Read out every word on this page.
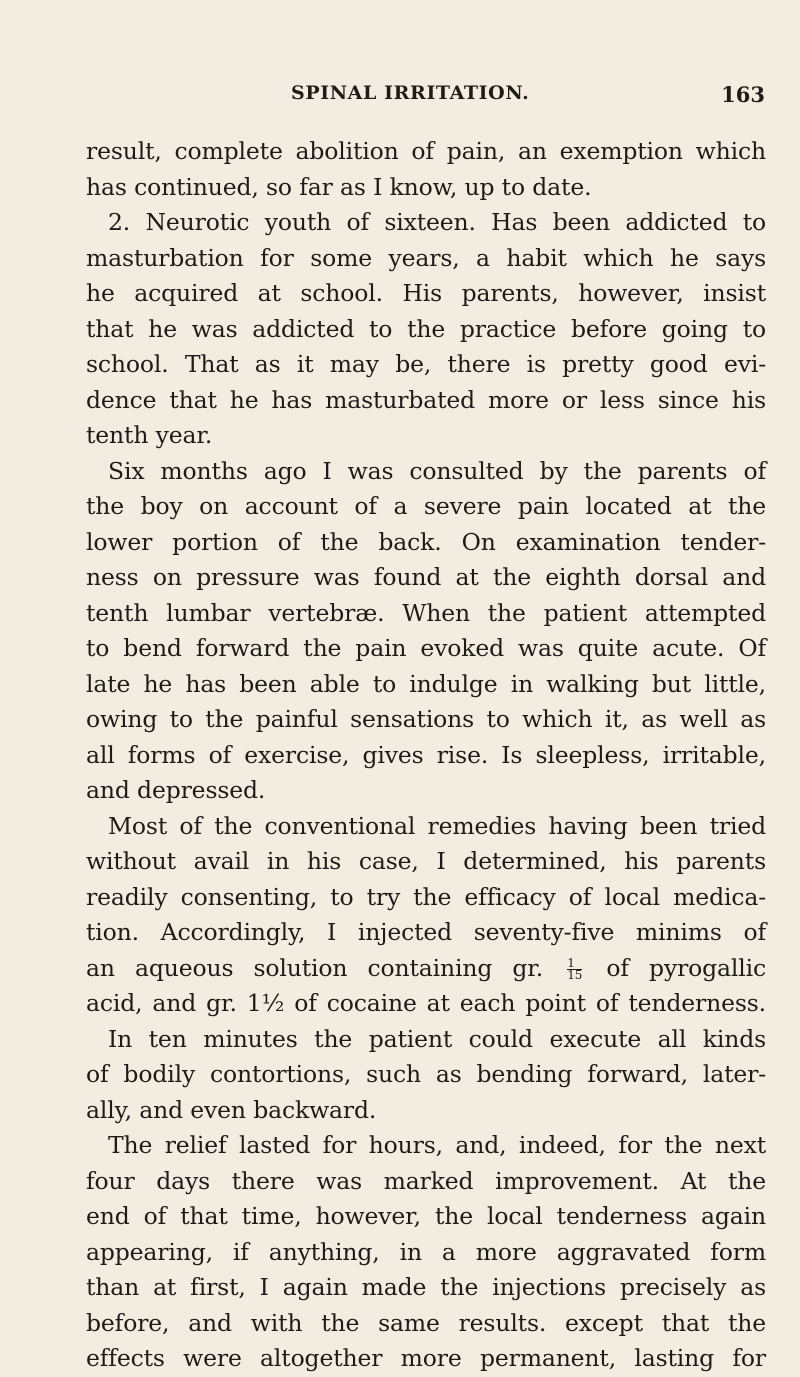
SPINAL IRRITATION.	163
result, complete abolition of pain, an exemption which
has continued, so far as I know, up to date.
2. Neurotic youth of sixteen. Has been addicted to
masturbation for some years, a habit which he says
he acquired at school. His parents, however, insist
that he was addicted to the practice before going to
school. That as it may be, there is pretty good evi-
dence that he has masturbated more or less since his
tenth year.
Six months ago I was consulted by the parents of
the boy on account of a severe pain located at the
lower portion of the back. On examination tender-
ness on pressure was found at the eighth dorsal and
tenth lumbar vertebræ. When the patient attempted
to bend forward the pain evoked was quite acute. Of
late he has been able to indulge in walking but little,
owing to the painful sensations to which it, as well as
all forms of exercise, gives rise. Is sleepless, irritable,
and depressed.
Most of the conventional remedies having been tried
without avail in his case, I determined, his parents
readily consenting, to try the efficacy of local medica-
tion. Accordingly, I injected seventy-five minims of
an aqueous solution containing gr. $\frac{1}{15}$ of pyrogallic
acid, and gr. 1½ of cocaine at each point of tenderness.
In ten minutes the patient could execute all kinds
of bodily contortions, such as bending forward, later-
ally, and even backward.
The relief lasted for hours, and, indeed, for the next
four days there was marked improvement. At the
end of that time, however, the local tenderness again
appearing, if anything, in a more aggravated form
than at first, I again made the injections precisely as
before, and with the same results. except that the
effects were altogether more permanent, lasting for
